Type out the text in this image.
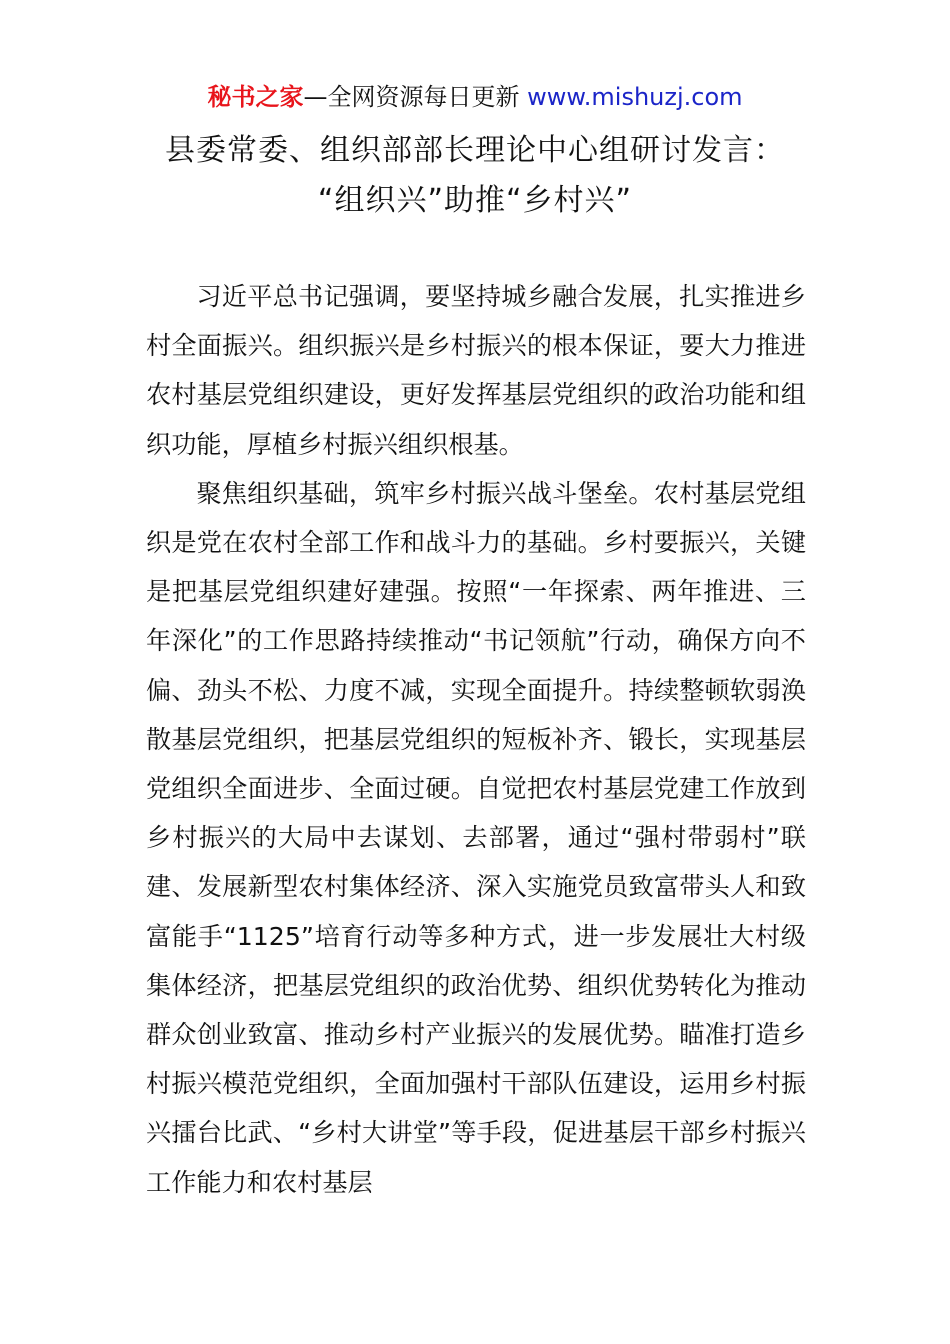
秘书之家—全网资源每日更新 www.mishuzj.com
县委常委、组织部部长理论中心组研讨发言：
“组织兴”助推“乡村兴”

习近平总书记强调，要坚持城乡融合发展，扎实推进乡村全面振兴。组织振兴是乡村振兴的根本保证，要大力推进农村基层党组织建设，更好发挥基层党组织的政治功能和组织功能，厚植乡村振兴组织根基。

聚焦组织基础，筑牢乡村振兴战斗堡垒。农村基层党组织是党在农村全部工作和战斗力的基础。乡村要振兴，关键是把基层党组织建好建强。按照“一年探索、两年推进、三年深化”的工作思路持续推动“书记领航”行动，确保方向不偏、劲头不松、力度不减，实现全面提升。持续整顿软弱涣散基层党组织，把基层党组织的短板补齐、锻长，实现基层党组织全面进步、全面过硬。自觉把农村基层党建工作放到乡村振兴的大局中去谋划、去部署，通过“强村带弱村”联建、发展新型农村集体经济、深入实施党员致富带头人和致富能手“1125”培育行动等多种方式，进一步发展壮大村级集体经济，把基层党组织的政治优势、组织优势转化为推动群众创业致富、推动乡村产业振兴的发展优势。瞄准打造乡村振兴模范党组织，全面加强村干部队伍建设，运用乡村振兴擂台比武、“乡村大讲堂”等手段，促进基层干部乡村振兴工作能力和农村基层
